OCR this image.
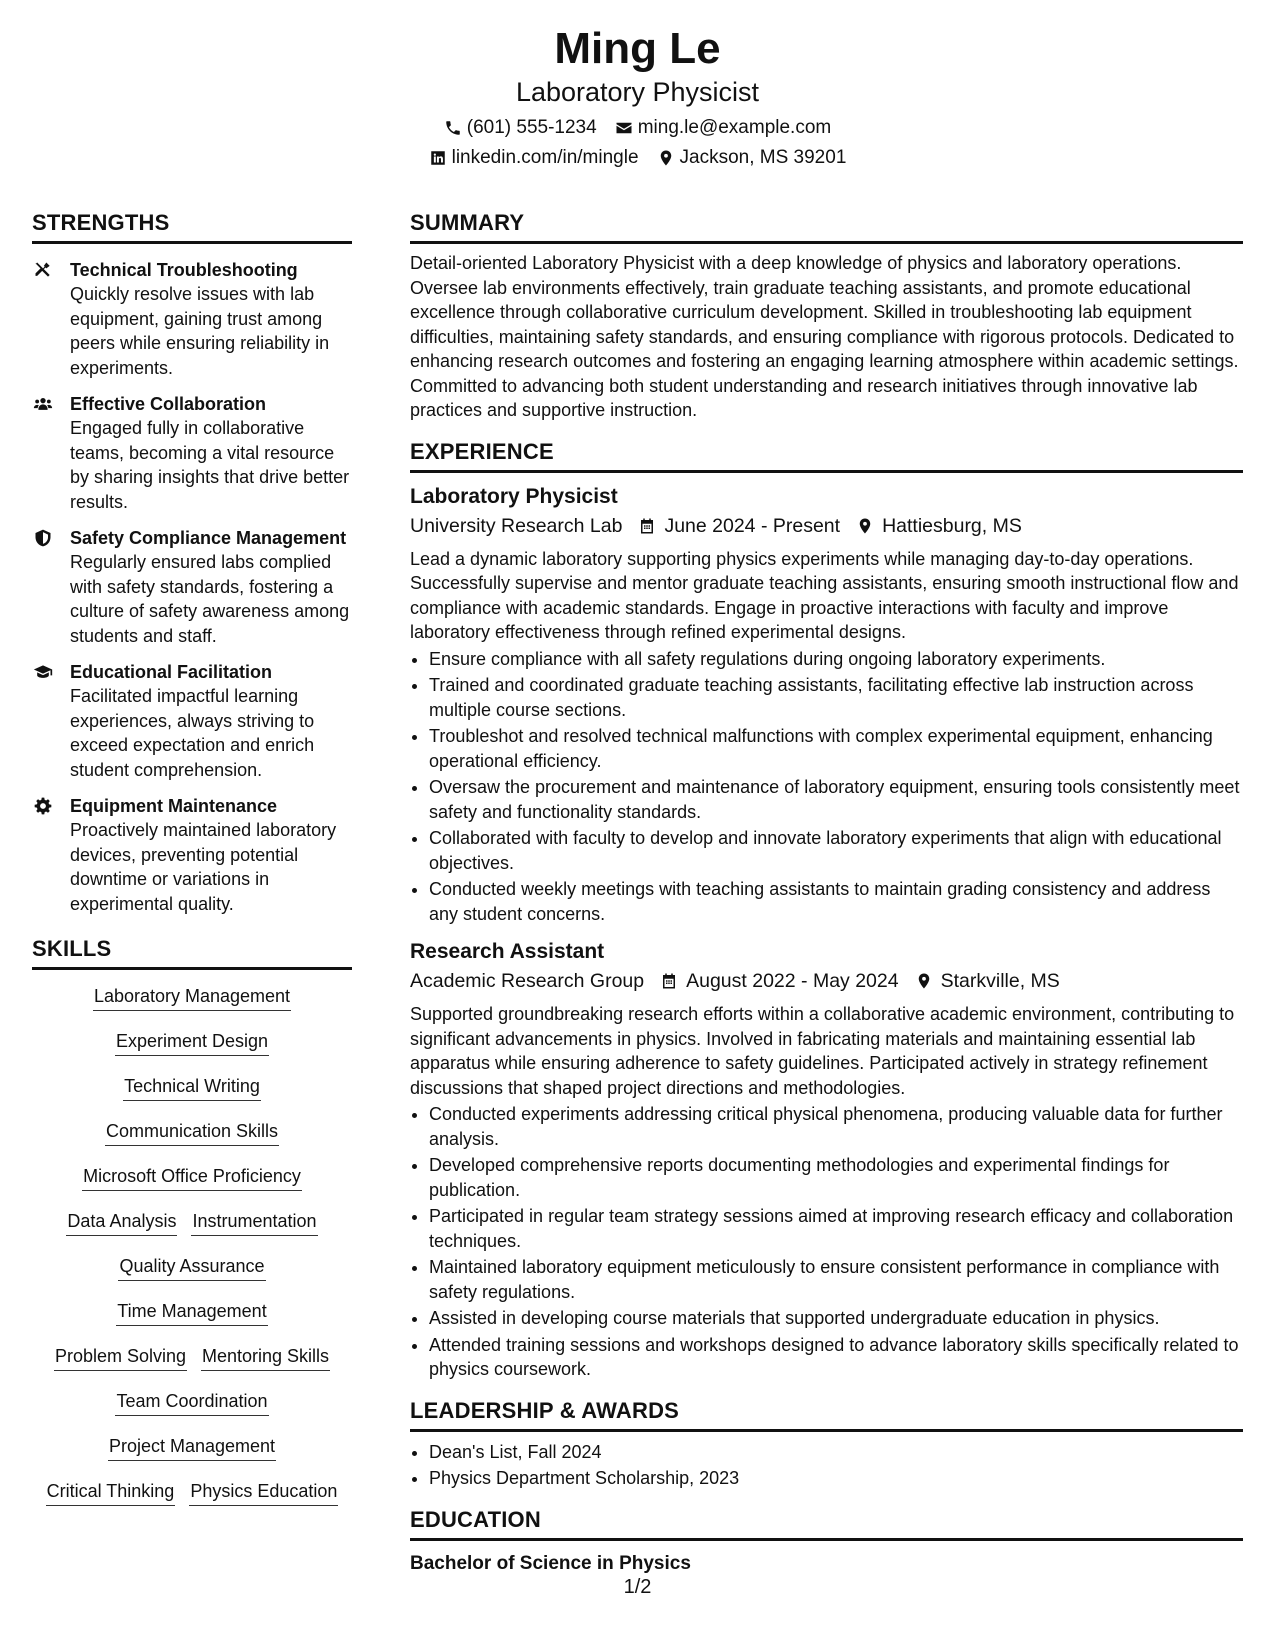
Ming Le
Laboratory Physicist
(601) 555-1234 ming.le@example.com
linkedin.com/in/mingle Jackson, MS 39201
STRENGTHS
Technical Troubleshooting
Quickly resolve issues with lab equipment, gaining trust among peers while ensuring reliability in experiments.
Effective Collaboration
Engaged fully in collaborative teams, becoming a vital resource by sharing insights that drive better results.
Safety Compliance Management
Regularly ensured labs complied with safety standards, fostering a culture of safety awareness among students and staff.
Educational Facilitation
Facilitated impactful learning experiences, always striving to exceed expectation and enrich student comprehension.
Equipment Maintenance
Proactively maintained laboratory devices, preventing potential downtime or variations in experimental quality.
SKILLS
Laboratory Management
Experiment Design
Technical Writing
Communication Skills
Microsoft Office Proficiency
Data Analysis Instrumentation
Quality Assurance
Time Management
Problem Solving Mentoring Skills
Team Coordination
Project Management
Critical Thinking Physics Education
SUMMARY
Detail-oriented Laboratory Physicist with a deep knowledge of physics and laboratory operations. Oversee lab environments effectively, train graduate teaching assistants, and promote educational excellence through collaborative curriculum development. Skilled in troubleshooting lab equipment difficulties, maintaining safety standards, and ensuring compliance with rigorous protocols. Dedicated to enhancing research outcomes and fostering an engaging learning atmosphere within academic settings. Committed to advancing both student understanding and research initiatives through innovative lab practices and supportive instruction.
EXPERIENCE
Laboratory Physicist
University Research Lab June 2024 - Present Hattiesburg, MS
Lead a dynamic laboratory supporting physics experiments while managing day-to-day operations. Successfully supervise and mentor graduate teaching assistants, ensuring smooth instructional flow and compliance with academic standards. Engage in proactive interactions with faculty and improve laboratory effectiveness through refined experimental designs.
• Ensure compliance with all safety regulations during ongoing laboratory experiments.
• Trained and coordinated graduate teaching assistants, facilitating effective lab instruction across multiple course sections.
• Troubleshot and resolved technical malfunctions with complex experimental equipment, enhancing operational efficiency.
• Oversaw the procurement and maintenance of laboratory equipment, ensuring tools consistently meet safety and functionality standards.
• Collaborated with faculty to develop and innovate laboratory experiments that align with educational objectives.
• Conducted weekly meetings with teaching assistants to maintain grading consistency and address any student concerns.
Research Assistant
Academic Research Group August 2022 - May 2024 Starkville, MS
Supported groundbreaking research efforts within a collaborative academic environment, contributing to significant advancements in physics. Involved in fabricating materials and maintaining essential lab apparatus while ensuring adherence to safety guidelines. Participated actively in strategy refinement discussions that shaped project directions and methodologies.
• Conducted experiments addressing critical physical phenomena, producing valuable data for further analysis.
• Developed comprehensive reports documenting methodologies and experimental findings for publication.
• Participated in regular team strategy sessions aimed at improving research efficacy and collaboration techniques.
• Maintained laboratory equipment meticulously to ensure consistent performance in compliance with safety regulations.
• Assisted in developing course materials that supported undergraduate education in physics.
• Attended training sessions and workshops designed to advance laboratory skills specifically related to physics coursework.
LEADERSHIP & AWARDS
• Dean's List, Fall 2024
• Physics Department Scholarship, 2023
EDUCATION
Bachelor of Science in Physics
1/2
